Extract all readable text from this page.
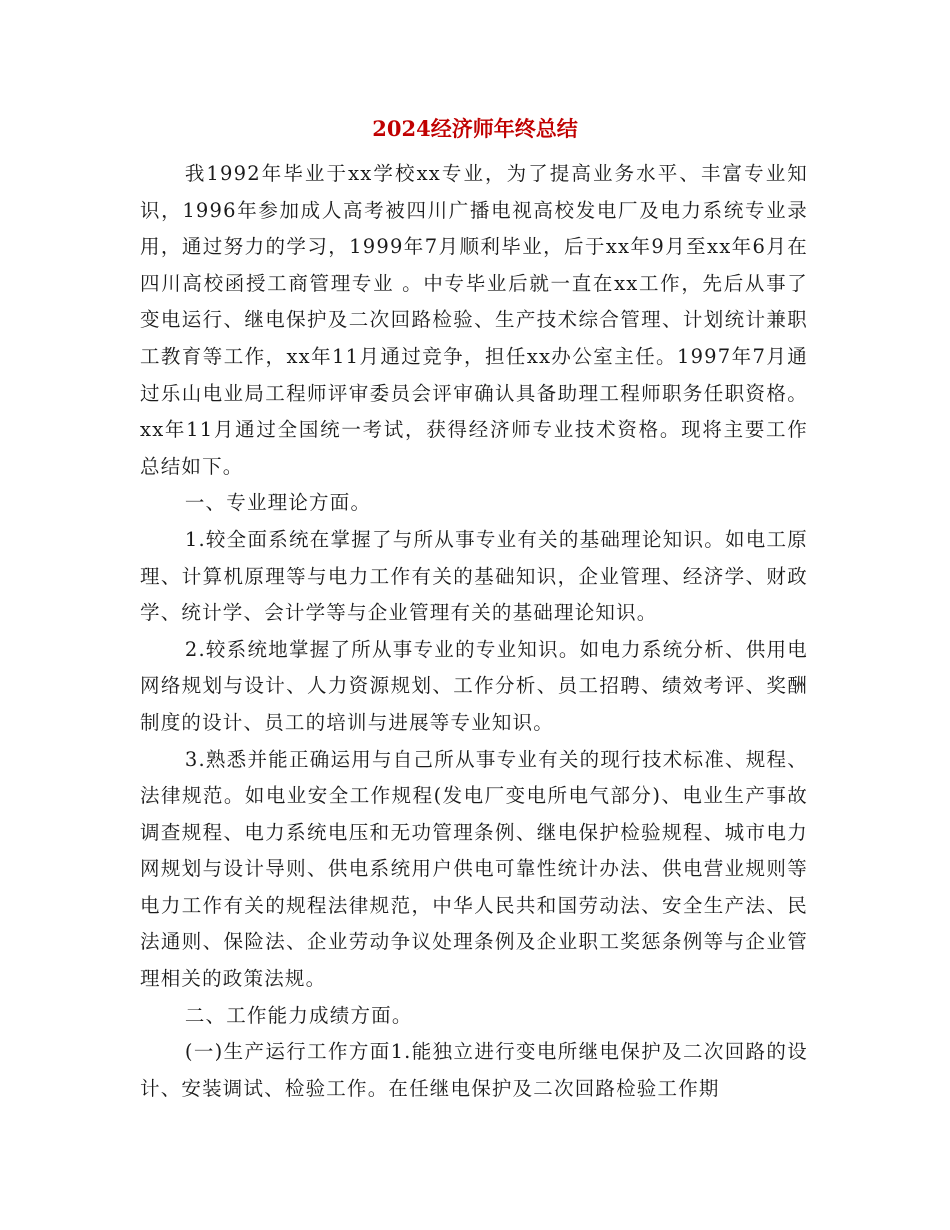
2024经济师年终总结

我1992年毕业于xx学校xx专业，为了提高业务水平、丰富专业知识，1996年参加成人高考被四川广播电视高校发电厂及电力系统专业录用，通过努力的学习，1999年7月顺利毕业，后于xx年9月至xx年6月在四川高校函授工商管理专业 。中专毕业后就一直在xx工作，先后从事了变电运行、继电保护及二次回路检验、生产技术综合管理、计划统计兼职工教育等工作，xx年11月通过竞争，担任xx办公室主任。1997年7月通过乐山电业局工程师评审委员会评审确认具备助理工程师职务任职资格。xx年11月通过全国统一考试，获得经济师专业技术资格。现将主要工作总结如下。

一、专业理论方面。

1.较全面系统在掌握了与所从事专业有关的基础理论知识。如电工原理、计算机原理等与电力工作有关的基础知识，企业管理、经济学、财政学、统计学、会计学等与企业管理有关的基础理论知识。

2.较系统地掌握了所从事专业的专业知识。如电力系统分析、供用电网络规划与设计、人力资源规划、工作分析、员工招聘、绩效考评、奖酬制度的设计、员工的培训与进展等专业知识。

3.熟悉并能正确运用与自己所从事专业有关的现行技术标准、规程、法律规范。如电业安全工作规程(发电厂变电所电气部分)、电业生产事故调查规程、电力系统电压和无功管理条例、继电保护检验规程、城市电力网规划与设计导则、供电系统用户供电可靠性统计办法、供电营业规则等电力工作有关的规程法律规范，中华人民共和国劳动法、安全生产法、民法通则、保险法、企业劳动争议处理条例及企业职工奖惩条例等与企业管理相关的政策法规。

二、工作能力成绩方面。

(一)生产运行工作方面1.能独立进行变电所继电保护及二次回路的设计、安装调试、检验工作。在任继电保护及二次回路检验工作期
